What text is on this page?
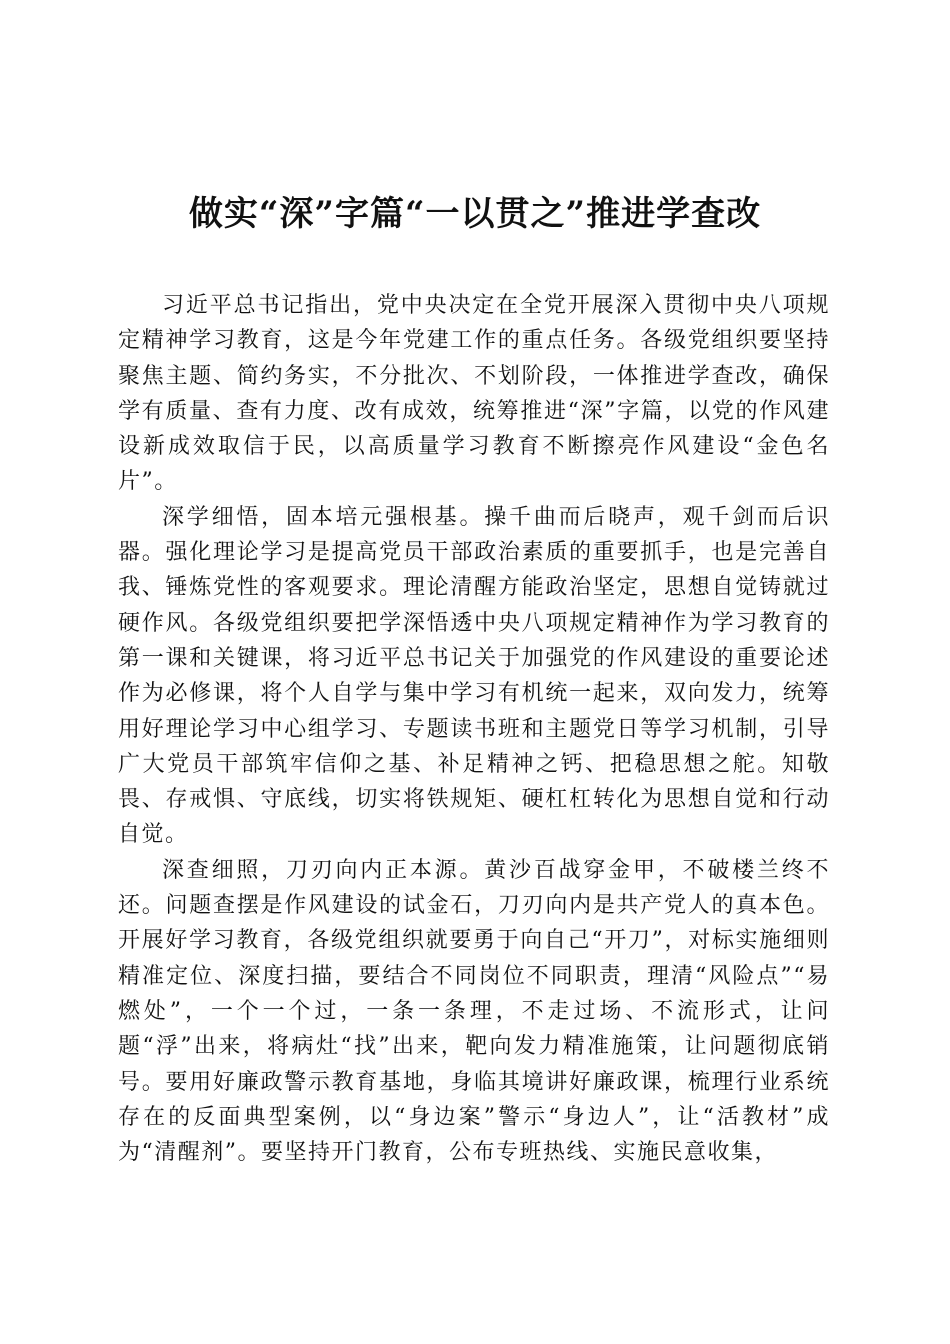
做实“深”字篇“一以贯之”推进学查改

习近平总书记指出，党中央决定在全党开展深入贯彻中央八项规定精神学习教育，这是今年党建工作的重点任务。各级党组织要坚持聚焦主题、简约务实，不分批次、不划阶段，一体推进学查改，确保学有质量、查有力度、改有成效，统筹推进“深”字篇，以党的作风建设新成效取信于民，以高质量学习教育不断擦亮作风建设“金色名片”。

深学细悟，固本培元强根基。操千曲而后晓声，观千剑而后识器。强化理论学习是提高党员干部政治素质的重要抓手，也是完善自我、锤炼党性的客观要求。理论清醒方能政治坚定，思想自觉铸就过硬作风。各级党组织要把学深悟透中央八项规定精神作为学习教育的第一课和关键课，将习近平总书记关于加强党的作风建设的重要论述作为必修课，将个人自学与集中学习有机统一起来，双向发力，统筹用好理论学习中心组学习、专题读书班和主题党日等学习机制，引导广大党员干部筑牢信仰之基、补足精神之钙、把稳思想之舵。知敬畏、存戒惧、守底线，切实将铁规矩、硬杠杠转化为思想自觉和行动自觉。

深查细照，刀刃向内正本源。黄沙百战穿金甲，不破楼兰终不还。问题查摆是作风建设的试金石，刀刃向内是共产党人的真本色。开展好学习教育，各级党组织就要勇于向自己“开刀”，对标实施细则精准定位、深度扫描，要结合不同岗位不同职责，理清“风险点”“易燃处”，一个一个过，一条一条理，不走过场、不流形式，让问题“浮”出来，将病灶“找”出来，靶向发力精准施策，让问题彻底销号。要用好廉政警示教育基地，身临其境讲好廉政课，梳理行业系统存在的反面典型案例，以“身边案”警示“身边人”，让“活教材”成为“清醒剂”。要坚持开门教育，公布专班热线、实施民意收集，
